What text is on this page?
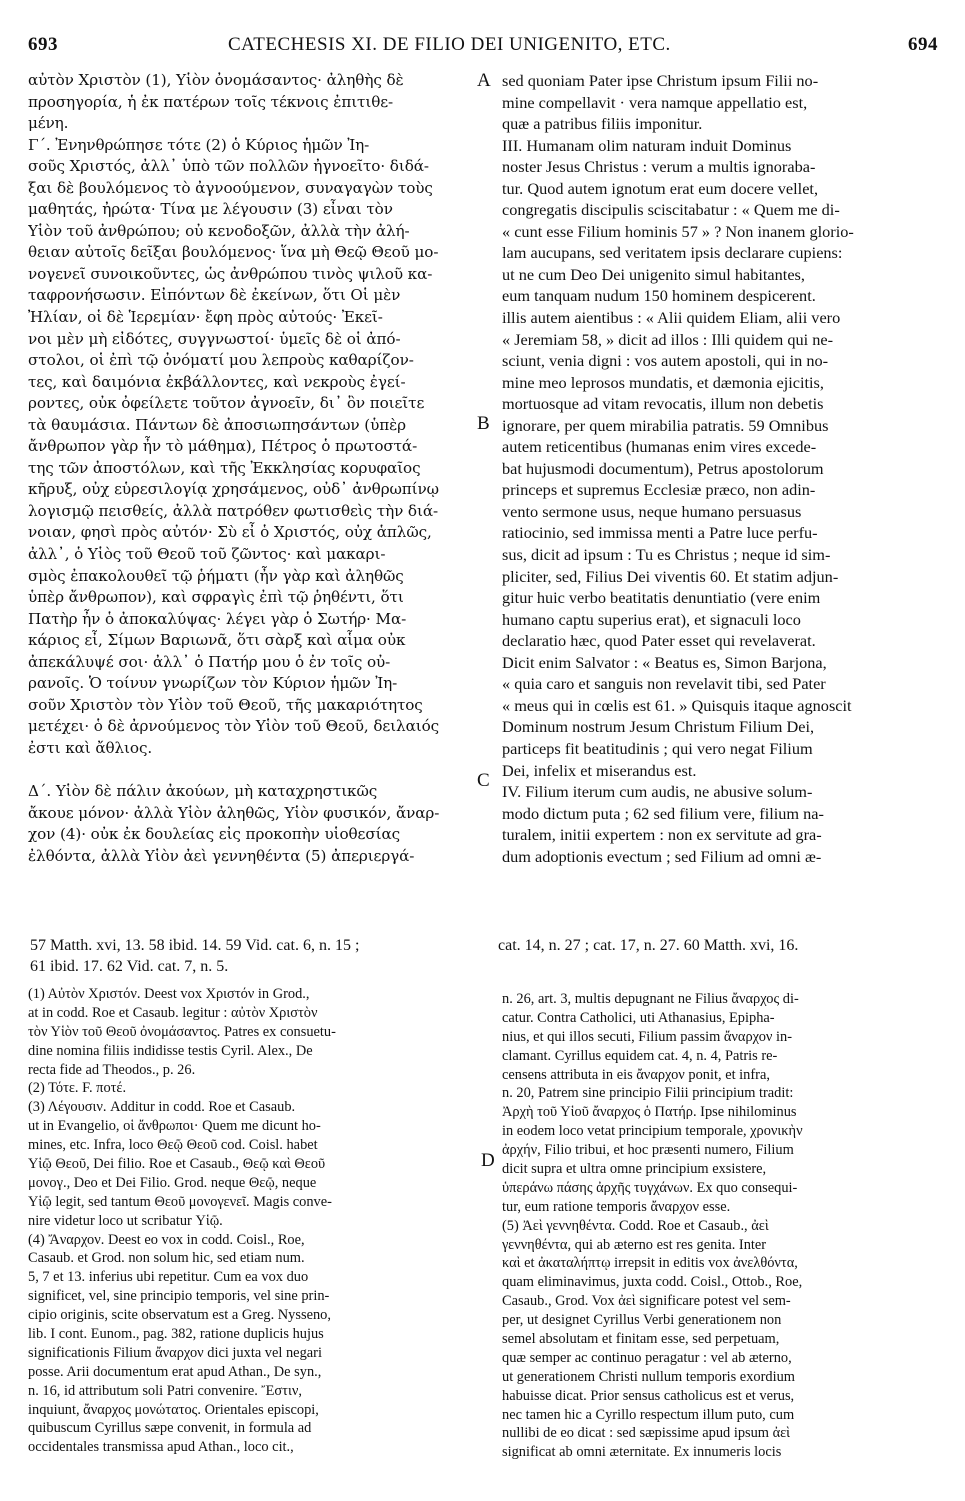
693	CATECHESIS XI. DE FILIO DEI UNIGENITO, ETC.	694
αὐτὸν Χριστὸν (1), Υἱὸν ὀνομάσαντος· ἀληθὴς δὲ
προσηγορία, ἡ ἐκ πατέρων τοῖς τέκνοις ἐπιτιθε-
μένη.
Γ΄. Ἐνηνθρώπησε τότε (2) ὁ Κύριος ἡμῶν Ἰη-
σοῦς Χριστός, ἀλλ᾽ ὑπὸ τῶν πολλῶν ἠγνοεῖτο· διδά-
ξαι δὲ βουλόμενος τὸ ἀγνοούμενον, συναγαγὼν τοὺς
μαθητάς, ἠρώτα· Τίνα με λέγουσιν (3) εἶναι τὸν
Υἱὸν τοῦ ἀνθρώπου; οὐ κενοδοξῶν, ἀλλὰ τὴν ἀλή-
θειαν αὐτοῖς δεῖξαι βουλόμενος· ἵνα μὴ Θεῷ Θεοῦ μο-
νογενεῖ συνοικοῦντες, ὡς ἀνθρώπου τινὸς ψιλοῦ κα-
ταφρονήσωσιν. Εἰπόντων δὲ ἐκείνων, ὅτι Οἱ μὲν
Ἠλίαν, οἱ δὲ Ἱερεμίαν· ἔφη πρὸς αὐτούς· Ἐκεῖ-
νοι μὲν μὴ εἰδότες, συγγνωστοί· ὑμεῖς δὲ οἱ ἀπό-
στολοι, οἱ ἐπὶ τῷ ὀνόματί μου λεπροὺς καθαρίζον-
τες, καὶ δαιμόνια ἐκβάλλοντες, καὶ νεκροὺς ἐγεί-
ροντες, οὐκ ὀφείλετε τοῦτον ἀγνοεῖν, δι᾽ ὃν ποιεῖτε
τὰ θαυμάσια. Πάντων δὲ ἀποσιωπησάντων (ὑπὲρ
ἄνθρωπον γὰρ ἦν τὸ μάθημα), Πέτρος ὁ πρωτοστά-
της τῶν ἀποστόλων, καὶ τῆς Ἐκκλησίας κορυφαῖος
κῆρυξ, οὐχ εὑρεσιλογίᾳ χρησάμενος, οὐδ᾽ ἀνθρωπίνῳ
λογισμῷ πεισθείς, ἀλλὰ πατρόθεν φωτισθεὶς τὴν διά-
νοιαν, φησὶ πρὸς αὐτόν· Σὺ εἶ ὁ Χριστός, οὐχ ἁπλῶς,
ἀλλ᾽, ὁ Υἱὸς τοῦ Θεοῦ τοῦ ζῶντος· καὶ μακαρι-
σμὸς ἐπακολουθεῖ τῷ ῥήματι (ἦν γὰρ καὶ ἀληθῶς
ὑπὲρ ἄνθρωπον), καὶ σφραγὶς ἐπὶ τῷ ῥηθέντι, ὅτι
Πατὴρ ἦν ὁ ἀποκαλύψας· λέγει γὰρ ὁ Σωτήρ· Μα-
κάριος εἶ, Σίμων Βαριωνᾶ, ὅτι σὰρξ καὶ αἷμα οὐκ
ἀπεκάλυψέ σοι· ἀλλ᾽ ὁ Πατήρ μου ὁ ἐν τοῖς οὐ-
ρανοῖς. Ὁ τοίνυν γνωρίζων τὸν Κύριον ἡμῶν Ἰη-
σοῦν Χριστὸν τὸν Υἱὸν τοῦ Θεοῦ, τῆς μακαριότητος
μετέχει· ὁ δὲ ἀρνούμενος τὸν Υἱὸν τοῦ Θεοῦ, δειλαιός
ἐστι καὶ ἄθλιος.
Δ΄. Υἱὸν δὲ πάλιν ἀκούων, μὴ καταχρηστικῶς
ἄκουε μόνον· ἀλλὰ Υἱὸν ἀληθῶς, Υἱὸν φυσικόν, ἄναρ-
χον (4)· οὐκ ἐκ δουλείας εἰς προκοπὴν υἱοθεσίας
ἐλθόντα, ἀλλὰ Υἱὸν ἀεὶ γεννηθέντα (5) ἀπεριεργά-
sed quoniam Pater ipse Christum ipsum Filii no-
mine compellavit · vera namque appellatio est,
quæ a patribus filiis imponitur.
III. Humanam olim naturam induit Dominus
noster Jesus Christus : verum a multis ignoraba-
tur. Quod autem ignotum erat eum docere vellet,
congregatis discipulis sciscitabatur : « Quem me di-
« cunt esse Filium hominis 57 » ? Non inanem glorio-
lam aucupans, sed veritatem ipsis declarare cupiens:
ut ne cum Deo Dei unigenito simul habitantes,
eum tanquam nudum 150 hominem despicerent.
illis autem aientibus : « Alii quidem Eliam, alii vero
« Jeremiam 58, » dicit ad illos : Illi quidem qui ne-
sciunt, venia digni : vos autem apostoli, qui in no-
mine meo leprosos mundatis, et dæmonia ejicitis,
mortuosque ad vitam revocatis, illum non debetis
ignorare, per quem mirabilia patratis. 59 Omnibus
autem reticentibus (humanas enim vires excede-
bat hujusmodi documentum), Petrus apostolorum
princeps et supremus Ecclesiæ præco, non adin-
vento sermone usus, neque humano persuasus
ratiocinio, sed immissa menti a Patre luce perfu-
sus, dicit ad ipsum : Tu es Christus ; neque id sim-
pliciter, sed, Filius Dei viventis 60. Et statim adjun-
gitur huic verbo beatitatis denuntiatio (vere enim
humano captu superius erat), et signaculi loco
declaratio hæc, quod Pater esset qui revelaverat.
Dicit enim Salvator : « Beatus es, Simon Barjona,
« quia caro et sanguis non revelavit tibi, sed Pater
« meus qui in cœlis est 61. » Quisquis itaque agnoscit
Dominum nostrum Jesum Christum Filium Dei,
particeps fit beatitudinis ; qui vero negat Filium
Dei, infelix et miserandus est.
IV. Filium iterum cum audis, ne abusive solum-
modo dictum puta ; 62 sed filium vere, filium na-
turalem, initii expertem : non ex servitute ad gra-
dum adoptionis evectum ; sed Filium ad omni æ-
A
B
C
D
57 Matth. xvi, 13. 58 ibid. 14. 59 Vid. cat. 6, n. 15 ;
61 ibid. 17. 62 Vid. cat. 7, n. 5.
cat. 14, n. 27 ; cat. 17, n. 27. 60 Matth. xvi, 16.
(1) Αὐτὸν Χριστόν. Deest vox Χριστόν in Grod.,
at in codd. Roe et Casaub. legitur : αὐτὸν Χριστὸν
τὸν Υἱὸν τοῦ Θεοῦ ὀνομάσαντος. Patres ex consuetu-
dine nomina filiis indidisse testis Cyril. Alex., De
recta fide ad Theodos., p. 26.
(2) Τότε. F. ποτέ.
(3) Λέγουσιν. Additur in codd. Roe et Casaub.
ut in Evangelio, οἱ ἄνθρωποι· Quem me dicunt ho-
mines, etc. Infra, loco Θεῷ Θεοῦ cod. Coisl. habet
Υἱῷ Θεοῦ, Dei filio. Roe et Casaub., Θεῷ καὶ Θεοῦ
μονογ., Deo et Dei Filio. Grod. neque Θεῷ, neque
Υἱῷ legit, sed tantum Θεοῦ μονογενεῖ. Magis conve-
nire videtur loco ut scribatur Υἱῷ.
(4) Ἄναρχον. Deest eo vox in codd. Coisl., Roe,
Casaub. et Grod. non solum hic, sed etiam num.
5, 7 et 13. inferius ubi repetitur. Cum ea vox duo
significet, vel, sine principio temporis, vel sine prin-
cipio originis, scite observatum est a Greg. Nysseno,
lib. I cont. Eunom., pag. 382, ratione duplicis hujus
significationis Filium ἄναρχον dici juxta vel negari
posse. Arii documentum erat apud Athan., De syn.,
n. 16, id attributum soli Patri convenire. Ἔστιν,
inquiunt, ἄναρχος μονώτατος. Orientales episcopi,
quibuscum Cyrillus sæpe convenit, in formula ad
occidentales transmissa apud Athan., loco cit.,
n. 26, art. 3, multis depugnant ne Filius ἄναρχος di-
catur. Contra Catholici, uti Athanasius, Epipha-
nius, et qui illos secuti, Filium passim ἄναρχον in-
clamant. Cyrillus equidem cat. 4, n. 4, Patris re-
censens attributa in eis ἄναρχον ponit, et infra,
n. 20, Patrem sine principio Filii principium tradit:
Ἀρχὴ τοῦ Υἱοῦ ἄναρχος ὁ Πατήρ. Ipse nihilominus
in eodem loco vetat principium temporale, χρονικὴν
ἀρχήν, Filio tribui, et hoc præsenti numero, Filium
dicit supra et ultra omne principium exsistere,
ὑπεράνω πάσης ἀρχῆς τυγχάνων. Ex quo consequi-
tur, eum ratione temporis ἄναρχον esse.
(5) Ἀεὶ γεννηθέντα. Codd. Roe et Casaub., ἀεὶ
γεννηθέντα, qui ab æterno est res genita. Inter
καὶ et ἀκαταλήπτῳ irrepsit in editis vox ἀνελθόντα,
quam eliminavimus, juxta codd. Coisl., Ottob., Roe,
Casaub., Grod. Vox ἀεὶ significare potest vel sem-
per, ut designet Cyrillus Verbi generationem non
semel absolutam et finitam esse, sed perpetuam,
quæ semper ac continuo peragatur : vel ab æterno,
ut generationem Christi nullum temporis exordium
habuisse dicat. Prior sensus catholicus est et verus,
nec tamen hic a Cyrillo respectum illum puto, cum
nullibi de eo dicat : sed sæpissime apud ipsum ἀεὶ
significat ab omni æternitate. Ex innumeris locis
